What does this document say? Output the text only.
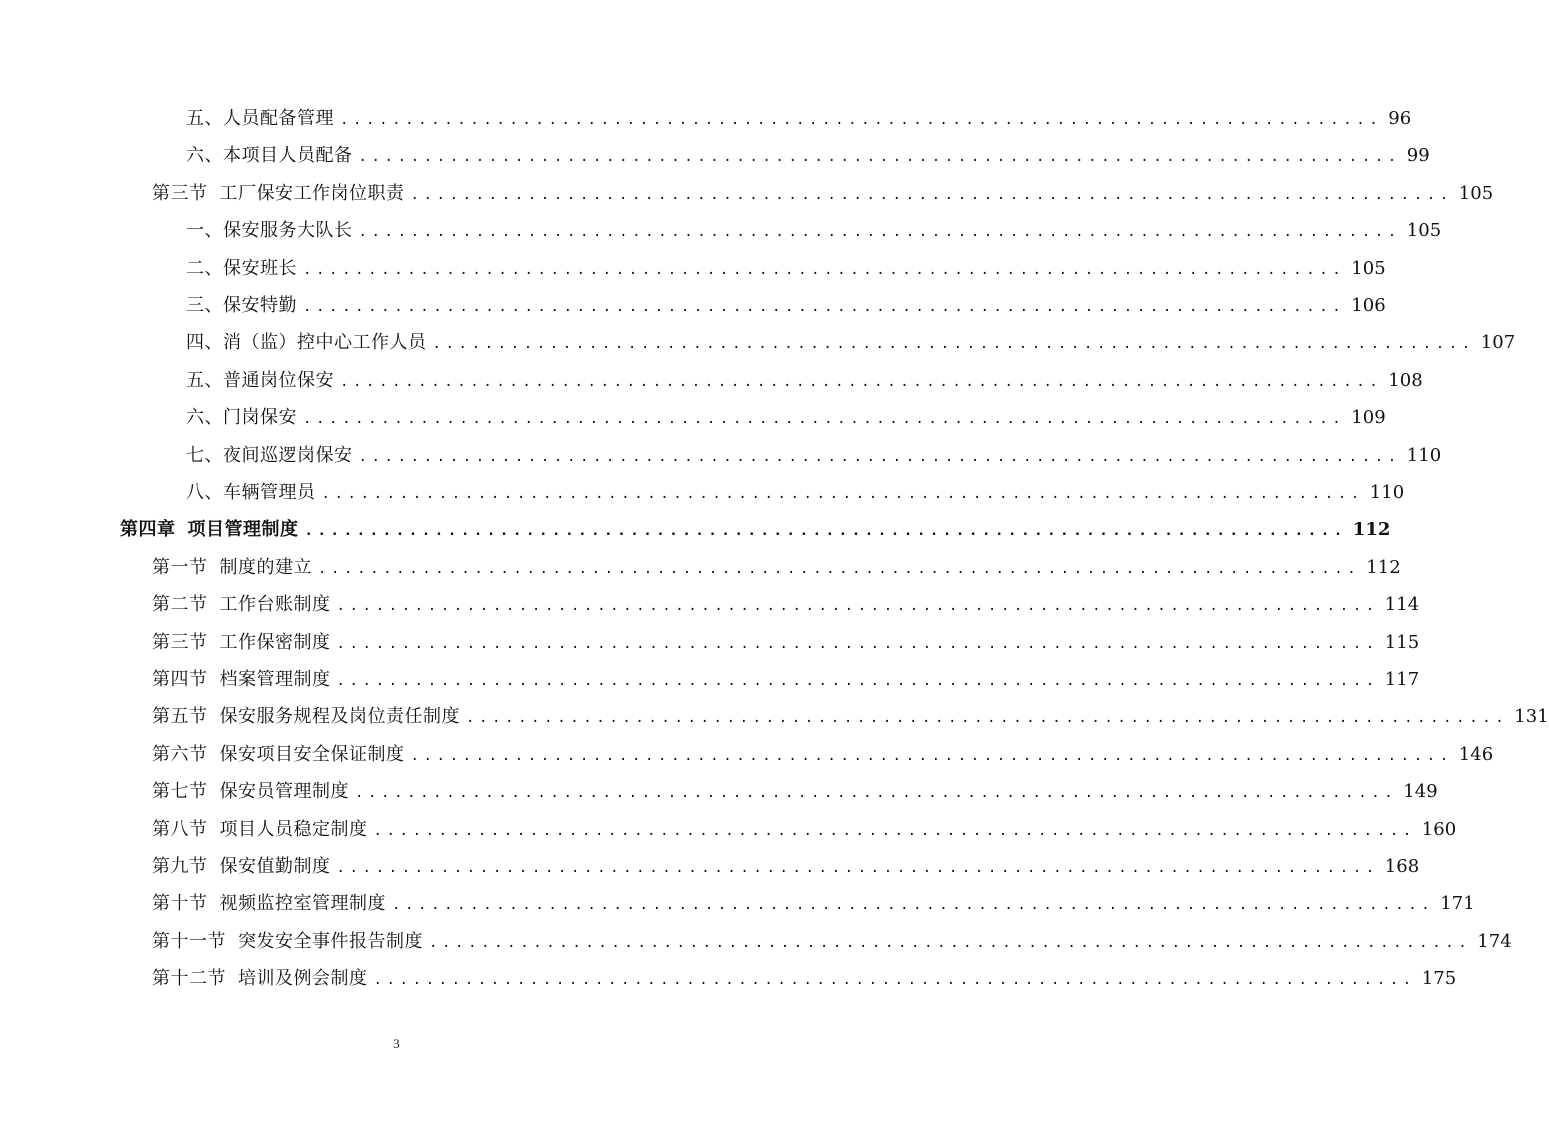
五、人员配备管理 ................................................................................ 96
六、本项目人员配备 ................................................................................ 99
第三节 工厂保安工作岗位职责 ................................................................................ 105
一、保安服务大队长 ................................................................................ 105
二、保安班长 ................................................................................ 105
三、保安特勤 ................................................................................ 106
四、消（监）控中心工作人员 ................................................................................ 107
五、普通岗位保安 ................................................................................ 108
六、门岗保安 ................................................................................ 109
七、夜间巡逻岗保安 ................................................................................ 110
八、车辆管理员 ................................................................................ 110
第四章 项目管理制度 ................................................................................ 112
第一节 制度的建立 ................................................................................ 112
第二节 工作台账制度 ................................................................................ 114
第三节 工作保密制度 ................................................................................ 115
第四节 档案管理制度 ................................................................................ 117
第五节 保安服务规程及岗位责任制度 ................................................................................ 131
第六节 保安项目安全保证制度 ................................................................................ 146
第七节 保安员管理制度 ................................................................................ 149
第八节 项目人员稳定制度 ................................................................................ 160
第九节 保安值勤制度 ................................................................................ 168
第十节 视频监控室管理制度 ................................................................................ 171
第十一节 突发安全事件报告制度 ................................................................................ 174
第十二节 培训及例会制度 ................................................................................ 175
3
